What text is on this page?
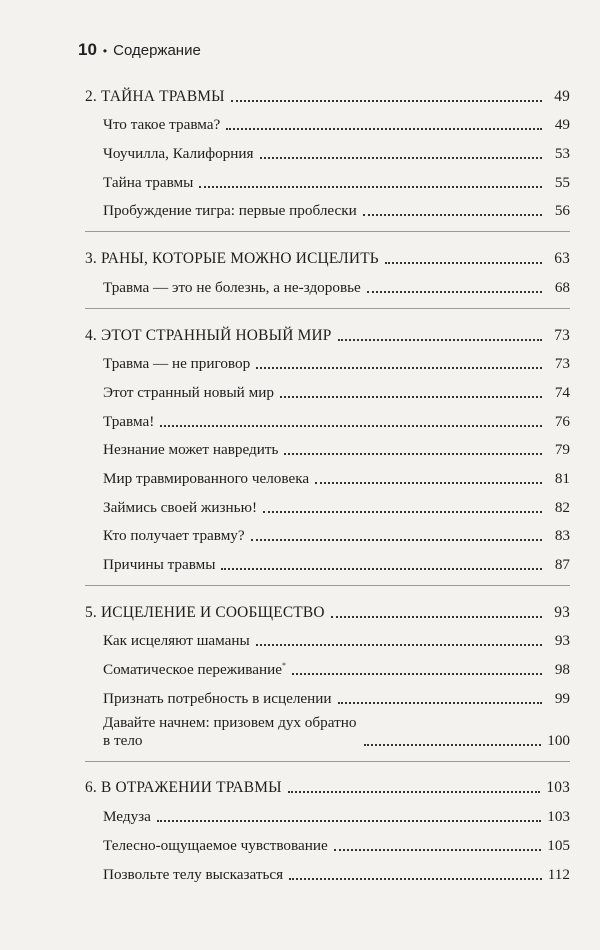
10 • Содержание
2. ТАЙНА ТРАВМЫ	49
Что такое травма?	49
Чоучилла, Калифорния	53
Тайна травмы	55
Пробуждение тигра: первые проблески	56
3. РАНЫ, КОТОРЫЕ МОЖНО ИСЦЕЛИТЬ	63
Травма — это не болезнь, а не-здоровье	68
4. ЭТОТ СТРАННЫЙ НОВЫЙ МИР	73
Травма — не приговор	73
Этот странный новый мир	74
Травма!	76
Незнание может навредить	79
Мир травмированного человека	81
Займись своей жизнью!	82
Кто получает травму?	83
Причины травмы	87
5. ИСЦЕЛЕНИЕ И СООБЩЕСТВО	93
Как исцеляют шаманы	93
Соматическое переживание*	98
Признать потребность в исцелении	99
Давайте начнем: призовем дух обратно в тело	100
6. В ОТРАЖЕНИИ ТРАВМЫ	103
Медуза	103
Телесно-ощущаемое чувствование	105
Позвольте телу высказаться	112
